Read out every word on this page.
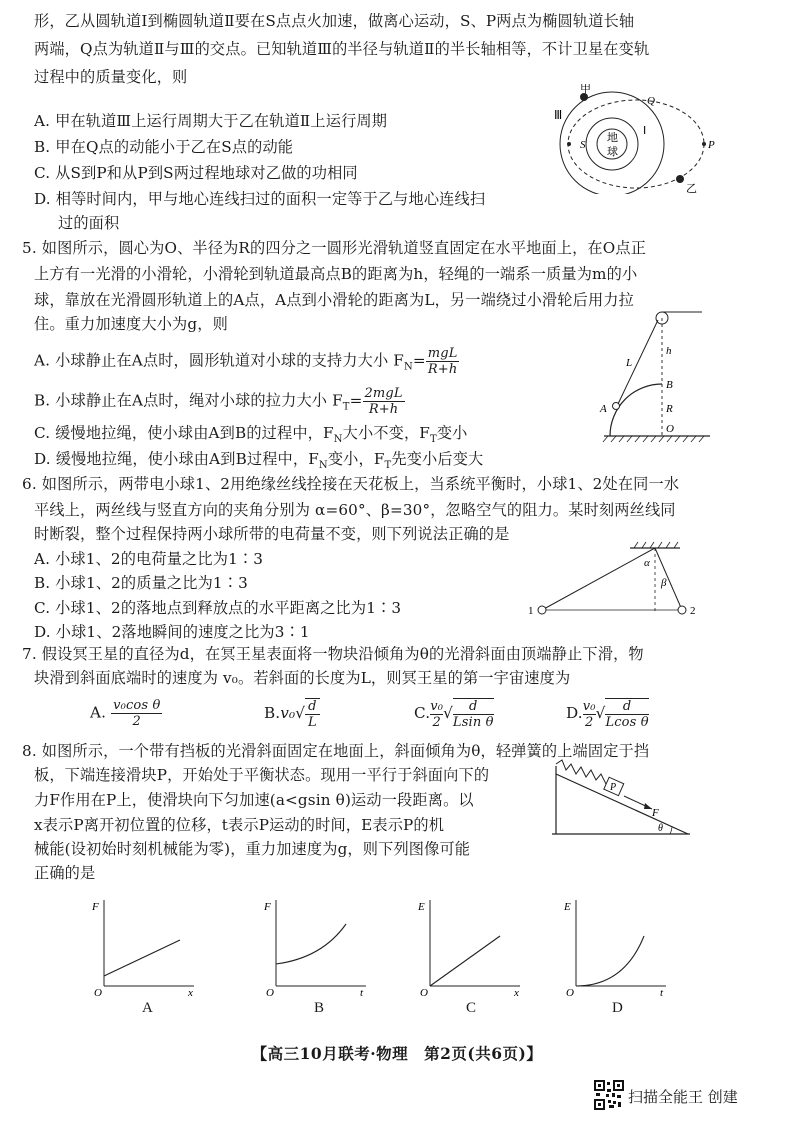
形，乙从圆轨道Ⅰ到椭圆轨道Ⅱ要在S点点火加速，做离心运动，S、P两点为椭圆轨道长轴
两端，Q点为轨道Ⅱ与Ⅲ的交点。已知轨道Ⅲ的半径与轨道Ⅱ的半长轴相等，不计卫星在变轨
过程中的质量变化，则
A. 甲在轨道Ⅲ上运行周期大于乙在轨道Ⅱ上运行周期
B. 甲在Q点的动能小于乙在S点的动能
C. 从S到P和从P到S两过程地球对乙做的功相同
D. 相等时间内，甲与地心连线扫过的面积一定等于乙与地心连线扫
过的面积
Ⅲ
甲
Q
S
地
球
Ⅰ
P
乙
5. 如图所示，圆心为O、半径为R的四分之一圆形光滑轨道竖直固定在水平地面上，在O点正
上方有一光滑的小滑轮，小滑轮到轨道最高点B的距离为h，轻绳的一端系一质量为m的小
球，靠放在光滑圆形轨道上的A点，A点到小滑轮的距离为L，另一端绕过小滑轮后用力拉
住。重力加速度大小为g，则
A. 小球静止在A点时，圆形轨道对小球的支持力大小 $F_N=$ mgL
R+h
B. 小球静止在A点时，绳对小球的拉力大小 $F_T= 2mgL$
R+h
C. 缓慢地拉绳，使小球由A到B的过程中，$F_N$大小不变，$F_T$变小
D. 缓慢地拉绳，使小球由A到B过程中，$F_N$变小，$F_T$先变小后变大
L
h
B
A	R
O
6. 如图所示，两带电小球1、2用绝缘丝线拴接在天花板上，当系统平衡时，小球1、2处在同一水
平线上，两丝线与竖直方向的夹角分别为 α=60°、β=30°，忽略空气的阻力。某时刻两丝线同
时断裂，整个过程保持两小球所带的电荷量不变，则下列说法正确的是
A. 小球1、2的电荷量之比为1∶3
B. 小球1、2的质量之比为1∶3
C. 小球1、2的落地点到释放点的水平距离之比为1∶3
D. 小球1、2落地瞬间的速度之比为3∶1
α
β
1	2
7. 假设冥王星的直径为d，在冥王星表面将一物块沿倾角为θ的光滑斜面由顶端静止下滑，物
块滑到斜面底端时的速度为 v₀。若斜面的长度为L，则冥王星的第一宇宙速度为
A. $\frac{\text{v₀cos θ}}{2}$	$B.v_0√ \frac{d}{L}$	C. $\frac{\text{v₀}}{2}$ √ $\frac{d}{\text{Lsin θ}}$	D. $\frac{\text{v₀}}{2}$ √ $\frac{d}{\text{Lcos θ}}$
8. 如图所示，一个带有挡板的光滑斜面固定在地面上，斜面倾角为θ，轻弹簧的上端固定于挡
板，下端连接滑块P，开始处于平衡状态。现用一平行于斜面向下的
力F作用在P上，使滑块向下匀加速(a<gsin θ)运动一段距离。以
x表示P离开初位置的位移，t表示P运动的时间，E表示P的机
械能(设初始时刻机械能为零)，重力加速度为g，则下列图像可能
正确的是
P
F
θ
F
x
O
A
F
t
O
B
E
x
O
C
E
t
O
D
【高三10月联考·物理　第2页(共6页)】
扫描全能王 创建
